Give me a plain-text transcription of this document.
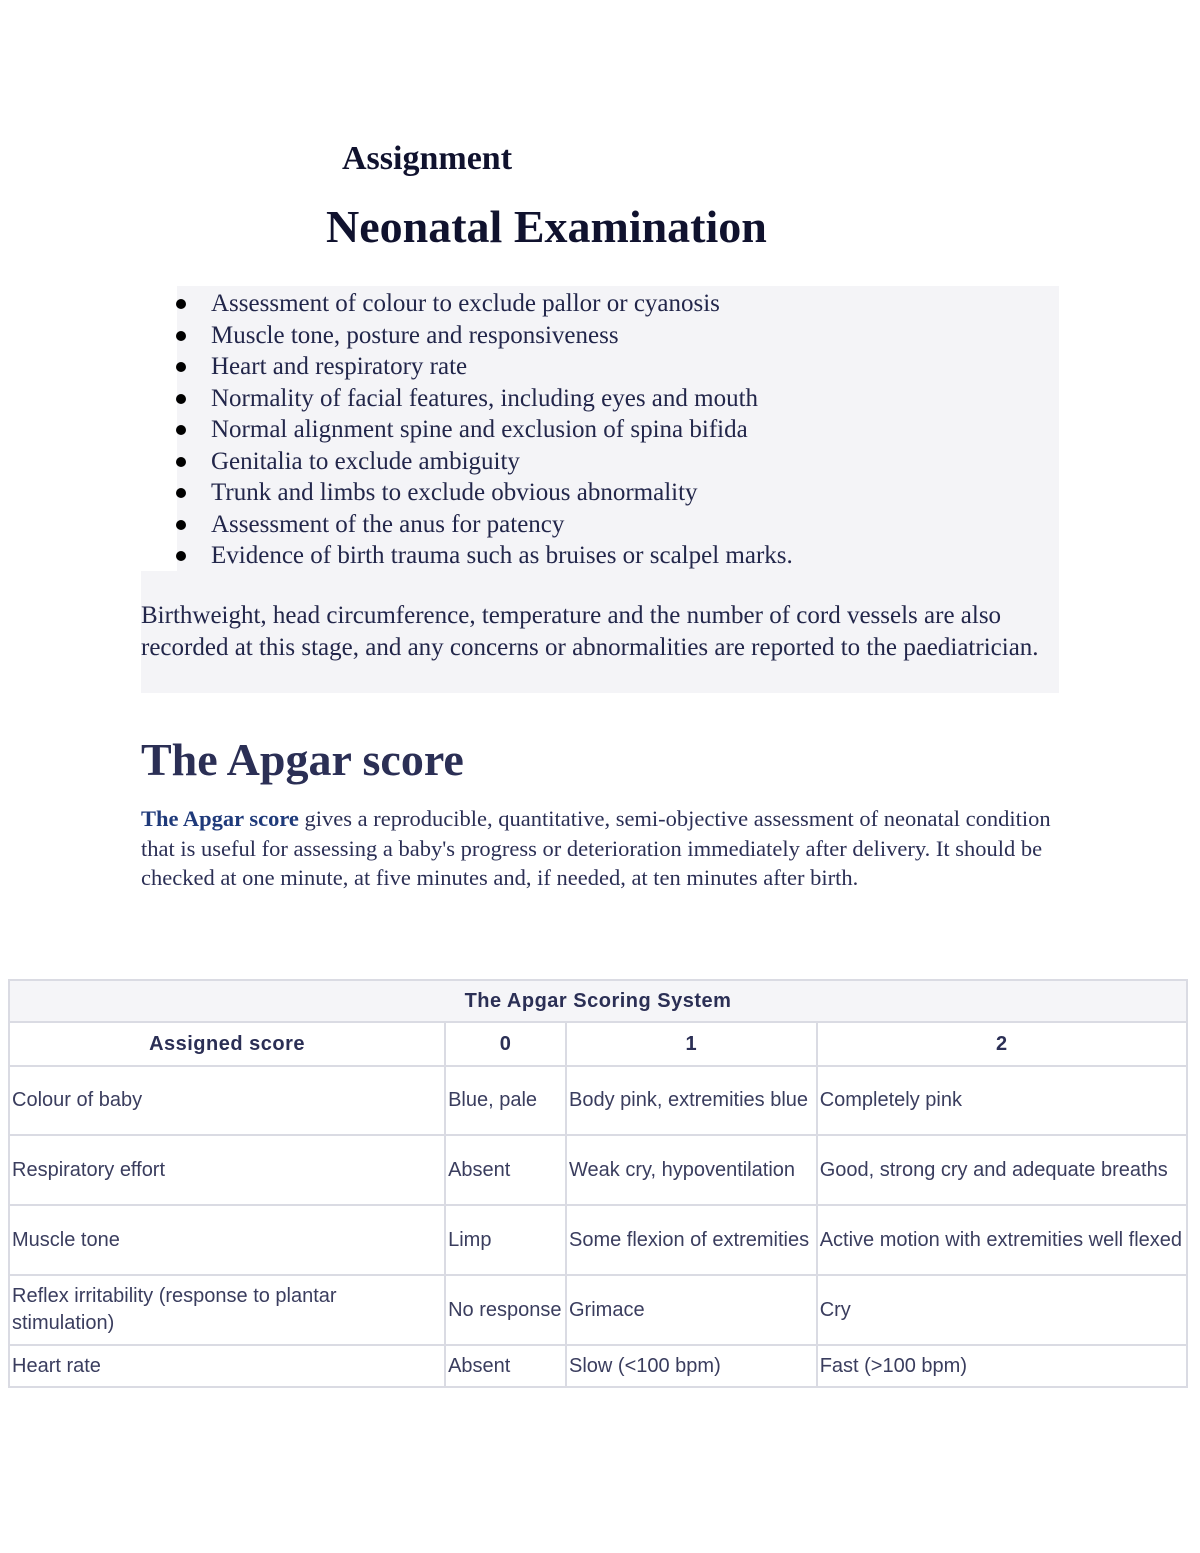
Assignment
Neonatal Examination
Assessment of colour to exclude pallor or cyanosis
Muscle tone, posture and responsiveness
Heart and respiratory rate
Normality of facial features, including eyes and mouth
Normal alignment spine and exclusion of spina bifida
Genitalia to exclude ambiguity
Trunk and limbs to exclude obvious abnormality
Assessment of the anus for patency
Evidence of birth trauma such as bruises or scalpel marks.

Birthweight, head circumference, temperature and the number of cord vessels are also recorded at this stage, and any concerns or abnormalities are reported to the paediatrician.

The Apgar score

The Apgar score gives a reproducible, quantitative, semi-objective assessment of neonatal condition that is useful for assessing a baby's progress or deterioration immediately after delivery. It should be checked at one minute, at five minutes and, if needed, at ten minutes after birth.

The Apgar Scoring System			
Assigned score	0	1	2
Colour of baby	Blue, pale	Body pink, extremities blue	Completely pink
Respiratory effort	Absent	Weak cry, hypoventilation	Good, strong cry and adequate breaths
Muscle tone	Limp	Some flexion of extremities	Active motion with extremities well flexed
Reflex irritability (response to plantar stimulation)	No response	Grimace	Cry
Heart rate	Absent	Slow (<100 bpm)	Fast (>100 bpm)
